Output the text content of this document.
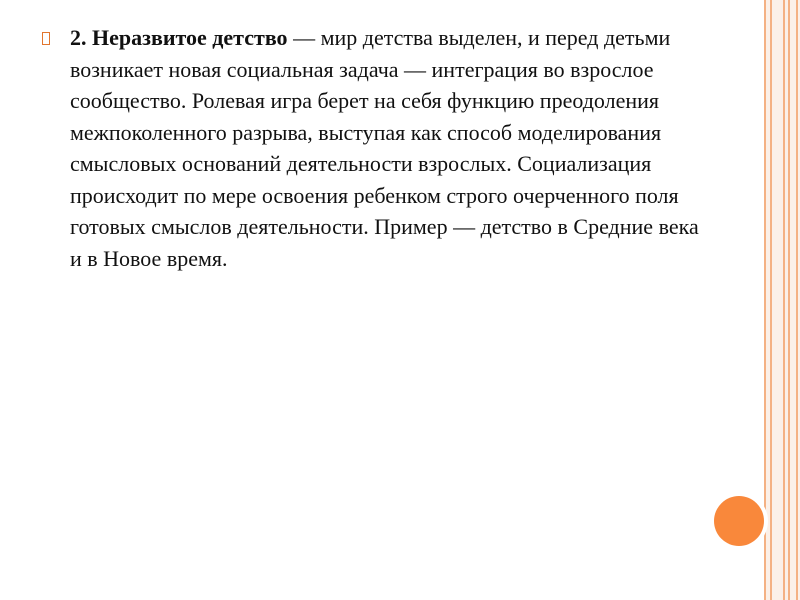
2. Неразвитое детство — мир детства выделен, и перед детьми возникает новая социальная задача — интеграция во взрослое сообщество. Ролевая игра берет на себя функцию преодоления межпоколенного разрыва, выступая как способ моделирования смысловых оснований деятельности взрослых. Социализация происходит по мере освоения ребенком строго очерченного поля готовых смыслов деятельности. Пример — детство в Средние века и в Новое время.
